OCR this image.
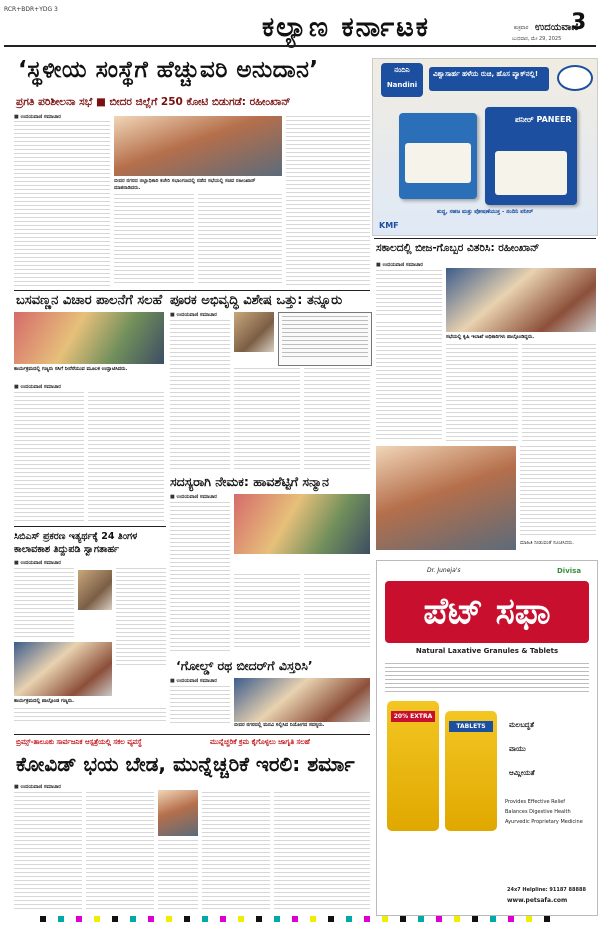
RCR+BDR+YDG 3
ಕಲ್ಯಾಣ ಕರ್ನಾಟಕ	3
ಶುಕ್ರವಾರ ಉದಯವಾಣಿ
ಬುಧವಾರ, ಮೇ 29, 2025
‘ಸ್ಥಳೀಯ ಸಂಸ್ಥೆಗೆ ಹೆಚ್ಚುವರಿ ಅನುದಾನ’
ಪ್ರಗತಿ ಪರಿಶೀಲನಾ ಸಭೆ ■ ಬೀದರ ಜಿಲ್ಲೆಗೆ 250 ಕೋಟಿ ಬಿಡುಗಡೆ: ರಹೀಂಖಾನ್
■ ಉದಯವಾಣಿ ಸಮಾಚಾರ
ಬೀದರ ನಗರದ ಜಿಲ್ಲಾಧಿಕಾರಿ ಕಚೇರಿ ಸಭಾಂಗಣದಲ್ಲಿ ನಡೆದ ಸಭೆಯಲ್ಲಿ ಸಚಿವ ರಹೀಂಖಾನ್ ಮಾತನಾಡಿದರು.
ನಂದಿನಿ Nandini
ವಿಶ್ವಾಸಾರ್ಹ ಹಳೆಯ ರುಚಿ, ಹೊಸ ಪ್ಯಾಕ್‌ನಲ್ಲಿ!
ಪನೀರ್ PANEER
ಶುದ್ಧ, ಸಹಜ ಮತ್ತು ಪೋಷಣೆಯುಕ್ತ - ನಂದಿನಿ ಪನೀರ್
KMF
ಬಸವಣ್ಣನ ವಿಚಾರ ಪಾಲನೆಗೆ ಸಲಹೆ
ಕಾರ್ಯಕ್ರಮದಲ್ಲಿ ಗಣ್ಯರು ಸಸಿಗೆ ನೀರೆರೆಯುವ ಮೂಲಕ ಉದ್ಘಾಟಿಸಿದರು.
■ ಉದಯವಾಣಿ ಸಮಾಚಾರ
ಪೂರಕ ಅಭಿವೃದ್ಧಿ ವಿಶೇಷ ಒತ್ತು: ತನ್ನೂರು
■ ಉದಯವಾಣಿ ಸಮಾಚಾರ
ಸಕಾಲದಲ್ಲಿ ಬೀಜ-ಗೊಬ್ಬರ ವಿತರಿಸಿ: ರಹೀಂಖಾನ್
■ ಉದಯವಾಣಿ ಸಮಾಚಾರ
ಸಭೆಯಲ್ಲಿ ಕೃಷಿ ಇಲಾಖೆ ಅಧಿಕಾರಿಗಳು ಪಾಲ್ಗೊಂಡಿದ್ದರು.
ಮಾಹಿತಿ ನೀಡುವಂತೆ ಸೂಚಿಸಿದರು.
ಸದಸ್ಯರಾಗಿ ನೇಮಕ: ಹಾವಶೆಟ್ಟಿಗೆ ಸನ್ಮಾನ
■ ಉದಯವಾಣಿ ಸಮಾಚಾರ
ಸಿಬಿಎಸ್ ಪ್ರಕರಣ ಇತ್ಯರ್ಥಕ್ಕೆ 24 ತಿಂಗಳ ಕಾಲಾವಕಾಶ ತಿದ್ದುಪಡಿ ಸ್ವಾಗತಾರ್ಹ
■ ಉದಯವಾಣಿ ಸಮಾಚಾರ
ಕಾರ್ಯಕ್ರಮದಲ್ಲಿ ಪಾಲ್ಗೊಂಡ ಗಣ್ಯರು.
‘ಗೋಲ್ಡ್ ರಥ ಬೀದರ್‌ಗೆ ವಿಸ್ತರಿಸಿ’
■ ಉದಯವಾಣಿ ಸಮಾಚಾರ
ಬೀದರ ನಗರದಲ್ಲಿ ಮನವಿ ಸಲ್ಲಿಸಿದ ನಿಯೋಗದ ಸದಸ್ಯರು.
Dr. Juneja's	Divisa
ಪೆಟ್ ಸಫಾ
Natural Laxative Granules & Tablets
20% EXTRA
TABLETS	ಮಲಬದ್ಧತೆ
ವಾಯು
ಆಮ್ಲೀಯತೆ
Provides Effective Relief
Balances Digestive Health
Ayurvedic Proprietary Medicine
24x7 Helpline: 91187 88888
www.petsafa.com
ಬ್ರಿಮ್ಸ್-ತಾಲೂಕು ಸಾರ್ವಜನಿಕ ಆಸ್ಪತ್ರೆಯಲ್ಲಿ ಸಕಲ ವ್ಯವಸ್ಥೆ	ಮುನ್ನೆಚ್ಚರಿಕೆ ಕ್ರಮ ಕೈಗೊಳ್ಳಲು ಜಾಗೃತಿ ಸಲಹೆ
ಕೋವಿಡ್ ಭಯ ಬೇಡ, ಮುನ್ನೆಚ್ಚರಿಕೆ ಇರಲಿ: ಶರ್ಮಾ
■ ಉದಯವಾಣಿ ಸಮಾಚಾರ
